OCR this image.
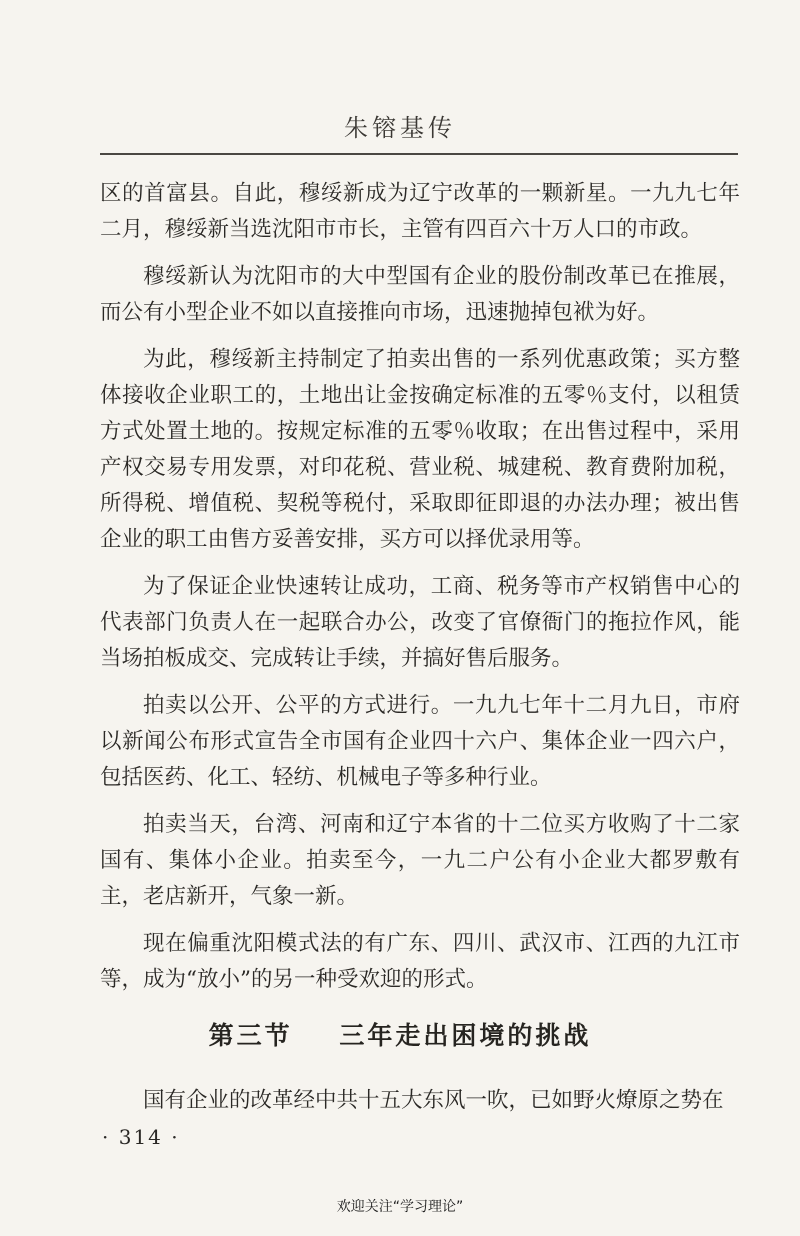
朱镕基传

区的首富县。自此，穆绥新成为辽宁改革的一颗新星。一九九七年二月，穆绥新当选沈阳市市长，主管有四百六十万人口的市政。

穆绥新认为沈阳市的大中型国有企业的股份制改革已在推展，而公有小型企业不如以直接推向市场，迅速抛掉包袱为好。

为此，穆绥新主持制定了拍卖出售的一系列优惠政策；买方整体接收企业职工的，土地出让金按确定标准的五零％支付，以租赁方式处置土地的。按规定标准的五零％收取；在出售过程中，采用产权交易专用发票，对印花税、营业税、城建税、教育费附加税，所得税、增值税、契税等税付，采取即征即退的办法办理；被出售企业的职工由售方妥善安排，买方可以择优录用等。

为了保证企业快速转让成功，工商、税务等市产权销售中心的代表部门负责人在一起联合办公，改变了官僚衙门的拖拉作风，能当场拍板成交、完成转让手续，并搞好售后服务。

拍卖以公开、公平的方式进行。一九九七年十二月九日，市府以新闻公布形式宣告全市国有企业四十六户、集体企业一四六户，包括医药、化工、轻纺、机械电子等多种行业。

拍卖当天，台湾、河南和辽宁本省的十二位买方收购了十二家国有、集体小企业。拍卖至今，一九二户公有小企业大都罗敷有主，老店新开，气象一新。

现在偏重沈阳模式法的有广东、四川、武汉市、江西的九江市等，成为“放小”的另一种受欢迎的形式。

第三节    三年走出困境的挑战

国有企业的改革经中共十五大东风一吹，已如野火燎原之势在

· 314 ·
欢迎关注“学习理论”
